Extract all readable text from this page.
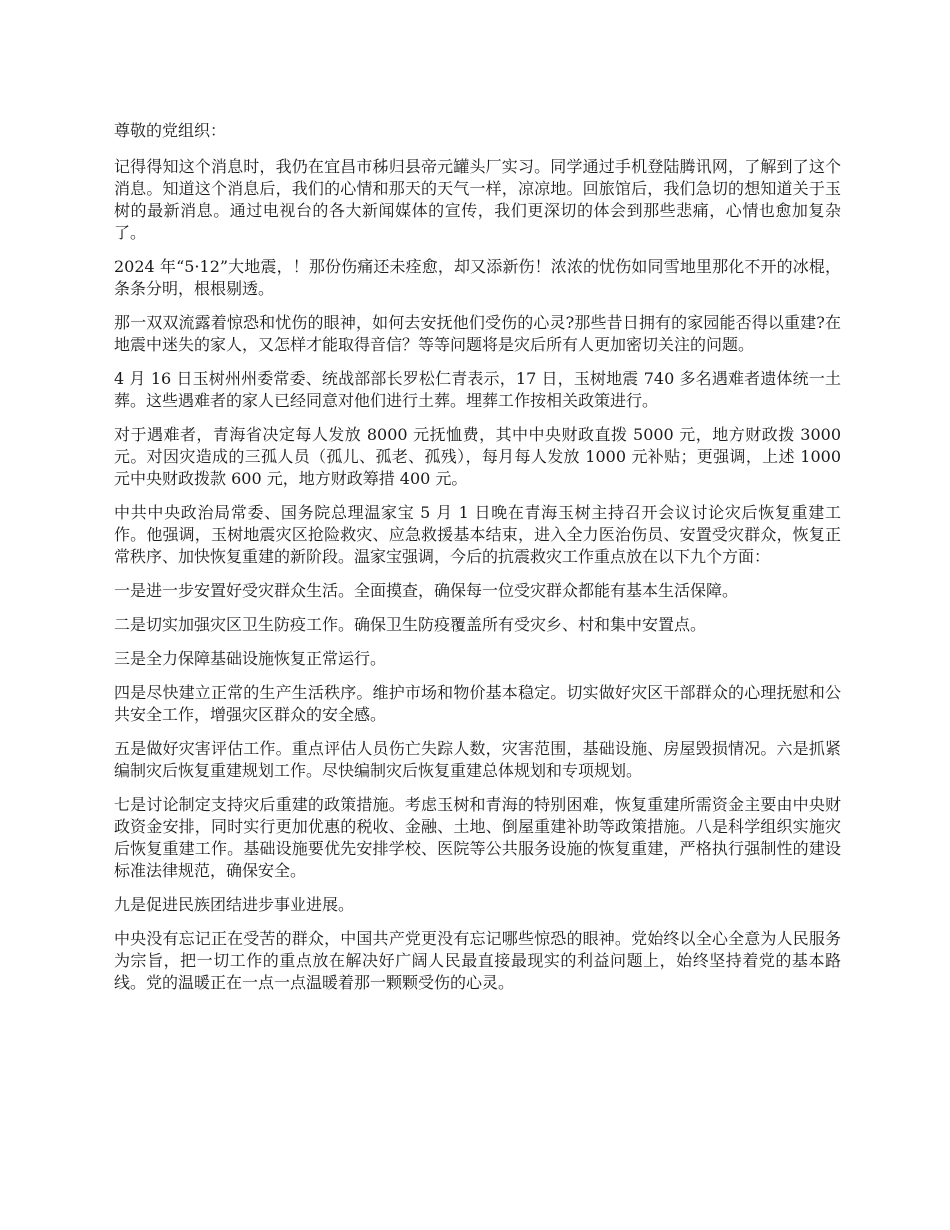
尊敬的党组织：

记得得知这个消息时，我仍在宜昌市秭归县帝元罐头厂实习。同学通过手机登陆腾讯网，了解到了这个消息。知道这个消息后，我们的心情和那天的天气一样，凉凉地。回旅馆后，我们急切的想知道关于玉树的最新消息。通过电视台的各大新闻媒体的宣传，我们更深切的体会到那些悲痛，心情也愈加复杂了。

2024 年“5·12”大地震，！那份伤痛还未痊愈，却又添新伤！浓浓的忧伤如同雪地里那化不开的冰棍，条条分明，根根剔透。

那一双双流露着惊恐和忧伤的眼神，如何去安抚他们受伤的心灵?那些昔日拥有的家园能否得以重建?在地震中迷失的家人，又怎样才能取得音信？等等问题将是灾后所有人更加密切关注的问题。

4 月 16 日玉树州州委常委、统战部部长罗松仁青表示，17 日，玉树地震 740 多名遇难者遗体统一土葬。这些遇难者的家人已经同意对他们进行土葬。埋葬工作按相关政策进行。

对于遇难者，青海省决定每人发放 8000 元抚恤费，其中中央财政直拨 5000 元，地方财政拨 3000 元。对因灾造成的三孤人员（孤儿、孤老、孤残），每月每人发放 1000 元补贴；更强调，上述 1000 元中央财政拨款 600 元，地方财政筹措 400 元。

中共中央政治局常委、国务院总理温家宝 5 月 1 日晚在青海玉树主持召开会议讨论灾后恢复重建工作。他强调，玉树地震灾区抢险救灾、应急救援基本结束，进入全力医治伤员、安置受灾群众，恢复正常秩序、加快恢复重建的新阶段。温家宝强调，今后的抗震救灾工作重点放在以下九个方面：

一是进一步安置好受灾群众生活。全面摸查，确保每一位受灾群众都能有基本生活保障。

二是切实加强灾区卫生防疫工作。确保卫生防疫覆盖所有受灾乡、村和集中安置点。

三是全力保障基础设施恢复正常运行。

四是尽快建立正常的生产生活秩序。维护市场和物价基本稳定。切实做好灾区干部群众的心理抚慰和公共安全工作，增强灾区群众的安全感。

五是做好灾害评估工作。重点评估人员伤亡失踪人数，灾害范围，基础设施、房屋毁损情况。六是抓紧编制灾后恢复重建规划工作。尽快编制灾后恢复重建总体规划和专项规划。

七是讨论制定支持灾后重建的政策措施。考虑玉树和青海的特别困难，恢复重建所需资金主要由中央财政资金安排，同时实行更加优惠的税收、金融、土地、倒屋重建补助等政策措施。八是科学组织实施灾后恢复重建工作。基础设施要优先安排学校、医院等公共服务设施的恢复重建，严格执行强制性的建设标准法律规范，确保安全。

九是促进民族团结进步事业进展。

中央没有忘记正在受苦的群众，中国共产党更没有忘记哪些惊恐的眼神。党始终以全心全意为人民服务为宗旨，把一切工作的重点放在解决好广阔人民最直接最现实的利益问题上，始终坚持着党的基本路线。党的温暖正在一点一点温暖着那一颗颗受伤的心灵。
